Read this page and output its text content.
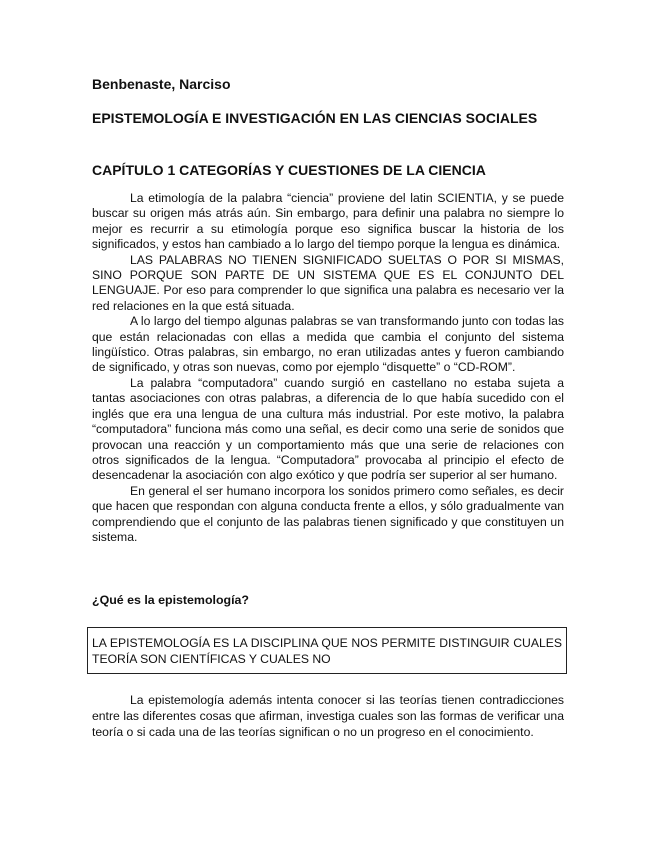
Benbenaste, Narciso

EPISTEMOLOGÍA E INVESTIGACIÓN EN LAS CIENCIAS SOCIALES
CAPÍTULO 1 CATEGORÍAS Y CUESTIONES DE LA CIENCIA

La etimología de la palabra “ciencia” proviene del latin SCIENTIA, y se puede buscar su origen más atrás aún. Sin embargo, para definir una palabra no siempre lo mejor es recurrir a su etimología porque eso significa buscar la historia de los significados, y estos han cambiado a lo largo del tiempo porque la lengua es dinámica.

LAS PALABRAS NO TIENEN SIGNIFICADO SUELTAS O POR SI MISMAS, SINO PORQUE SON PARTE DE UN SISTEMA QUE ES EL CONJUNTO DEL LENGUAJE. Por eso para comprender lo que significa una palabra es necesario ver la red relaciones en la que está situada.

A lo largo del tiempo algunas palabras se van transformando junto con todas las que están relacionadas con ellas a medida que cambia el conjunto del sistema lingüístico. Otras palabras, sin embargo, no eran utilizadas antes y fueron cambiando de significado, y otras son nuevas, como por ejemplo “disquette” o “CD-ROM”.

La palabra “computadora” cuando surgió en castellano no estaba sujeta a tantas asociaciones con otras palabras, a diferencia de lo que había sucedido con el inglés que era una lengua de una cultura más industrial. Por este motivo, la palabra “computadora” funciona más como una señal, es decir como una serie de sonidos que provocan una reacción y un comportamiento más que una serie de relaciones con otros significados de la lengua. “Computadora” provocaba al principio el efecto de desencadenar la asociación con algo exótico y que podría ser superior al ser humano.

En general el ser humano incorpora los sonidos primero como señales, es decir que hacen que respondan con alguna conducta frente a ellos, y sólo gradualmente van comprendiendo que el conjunto de las palabras tienen significado y que constituyen un sistema.

¿Qué es la epistemología?

LA EPISTEMOLOGÍA ES LA DISCIPLINA QUE NOS PERMITE DISTINGUIR CUALES TEORÍA SON CIENTÍFICAS Y CUALES NO

La epistemología además intenta conocer si las teorías tienen contradicciones entre las diferentes cosas que afirman, investiga cuales son las formas de verificar una teoría o si cada una de las teorías significan o no un progreso en el conocimiento.
